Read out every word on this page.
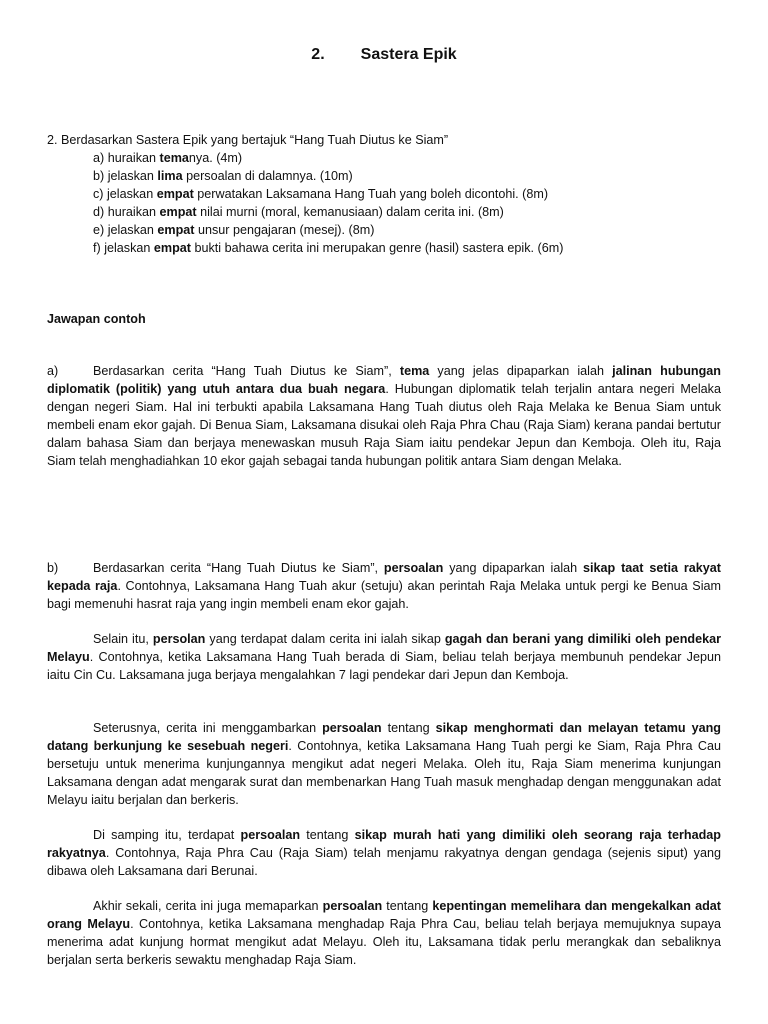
2. Sastera Epik

2. Berdasarkan Sastera Epik yang bertajuk “Hang Tuah Diutus ke Siam”

a) huraikan temanya. (4m)
b) jelaskan lima persoalan di dalamnya. (10m)
c) jelaskan empat perwatakan Laksamana Hang Tuah yang boleh dicontohi. (8m)
d) huraikan empat nilai murni (moral, kemanusiaan) dalam cerita ini. (8m)
e) jelaskan empat unsur pengajaran (mesej). (8m)
f) jelaskan empat bukti bahawa cerita ini merupakan genre (hasil) sastera epik. (6m)
Jawapan contoh

a)	Berdasarkan cerita “Hang Tuah Diutus ke Siam”, tema yang jelas dipaparkan ialah jalinan hubungan diplomatik (politik) yang utuh antara dua buah negara. Hubungan diplomatik telah terjalin antara negeri Melaka dengan negeri Siam. Hal ini terbukti apabila Laksamana Hang Tuah diutus oleh Raja Melaka ke Benua Siam untuk membeli enam ekor gajah. Di Benua Siam, Laksamana disukai oleh Raja Phra Chau (Raja Siam) kerana pandai bertutur dalam bahasa Siam dan berjaya menewaskan musuh Raja Siam iaitu pendekar Jepun dan Kemboja. Oleh itu, Raja Siam telah menghadiahkan 10 ekor gajah sebagai tanda hubungan politik antara Siam dengan Melaka.

b)	Berdasarkan cerita “Hang Tuah Diutus ke Siam”, persoalan yang dipaparkan ialah sikap taat setia rakyat kepada raja. Contohnya, Laksamana Hang Tuah akur (setuju) akan perintah Raja Melaka untuk pergi ke Benua Siam bagi memenuhi hasrat raja yang ingin membeli enam ekor gajah.

Selain itu, persolan yang terdapat dalam cerita ini ialah sikap gagah dan berani yang dimiliki oleh pendekar Melayu. Contohnya, ketika Laksamana Hang Tuah berada di Siam, beliau telah berjaya membunuh pendekar Jepun iaitu Cin Cu. Laksamana juga berjaya mengalahkan 7 lagi pendekar dari Jepun dan Kemboja.

Seterusnya, cerita ini menggambarkan persoalan tentang sikap menghormati dan melayan tetamu yang datang berkunjung ke sesebuah negeri. Contohnya, ketika Laksamana Hang Tuah pergi ke Siam, Raja Phra Cau bersetuju untuk menerima kunjungannya mengikut adat negeri Melaka. Oleh itu, Raja Siam menerima kunjungan Laksamana dengan adat mengarak surat dan membenarkan Hang Tuah masuk menghadap dengan menggunakan adat Melayu iaitu berjalan dan berkeris.

Di samping itu, terdapat persoalan tentang sikap murah hati yang dimiliki oleh seorang raja terhadap rakyatnya. Contohnya, Raja Phra Cau (Raja Siam) telah menjamu rakyatnya dengan gendaga (sejenis siput) yang dibawa oleh Laksamana dari Berunai.

Akhir sekali, cerita ini juga memaparkan persoalan tentang kepentingan memelihara dan mengekalkan adat orang Melayu. Contohnya, ketika Laksamana menghadap Raja Phra Cau, beliau telah berjaya memujuknya supaya menerima adat kunjung hormat mengikut adat Melayu. Oleh itu, Laksamana tidak perlu merangkak dan sebaliknya berjalan serta berkeris sewaktu menghadap Raja Siam.
